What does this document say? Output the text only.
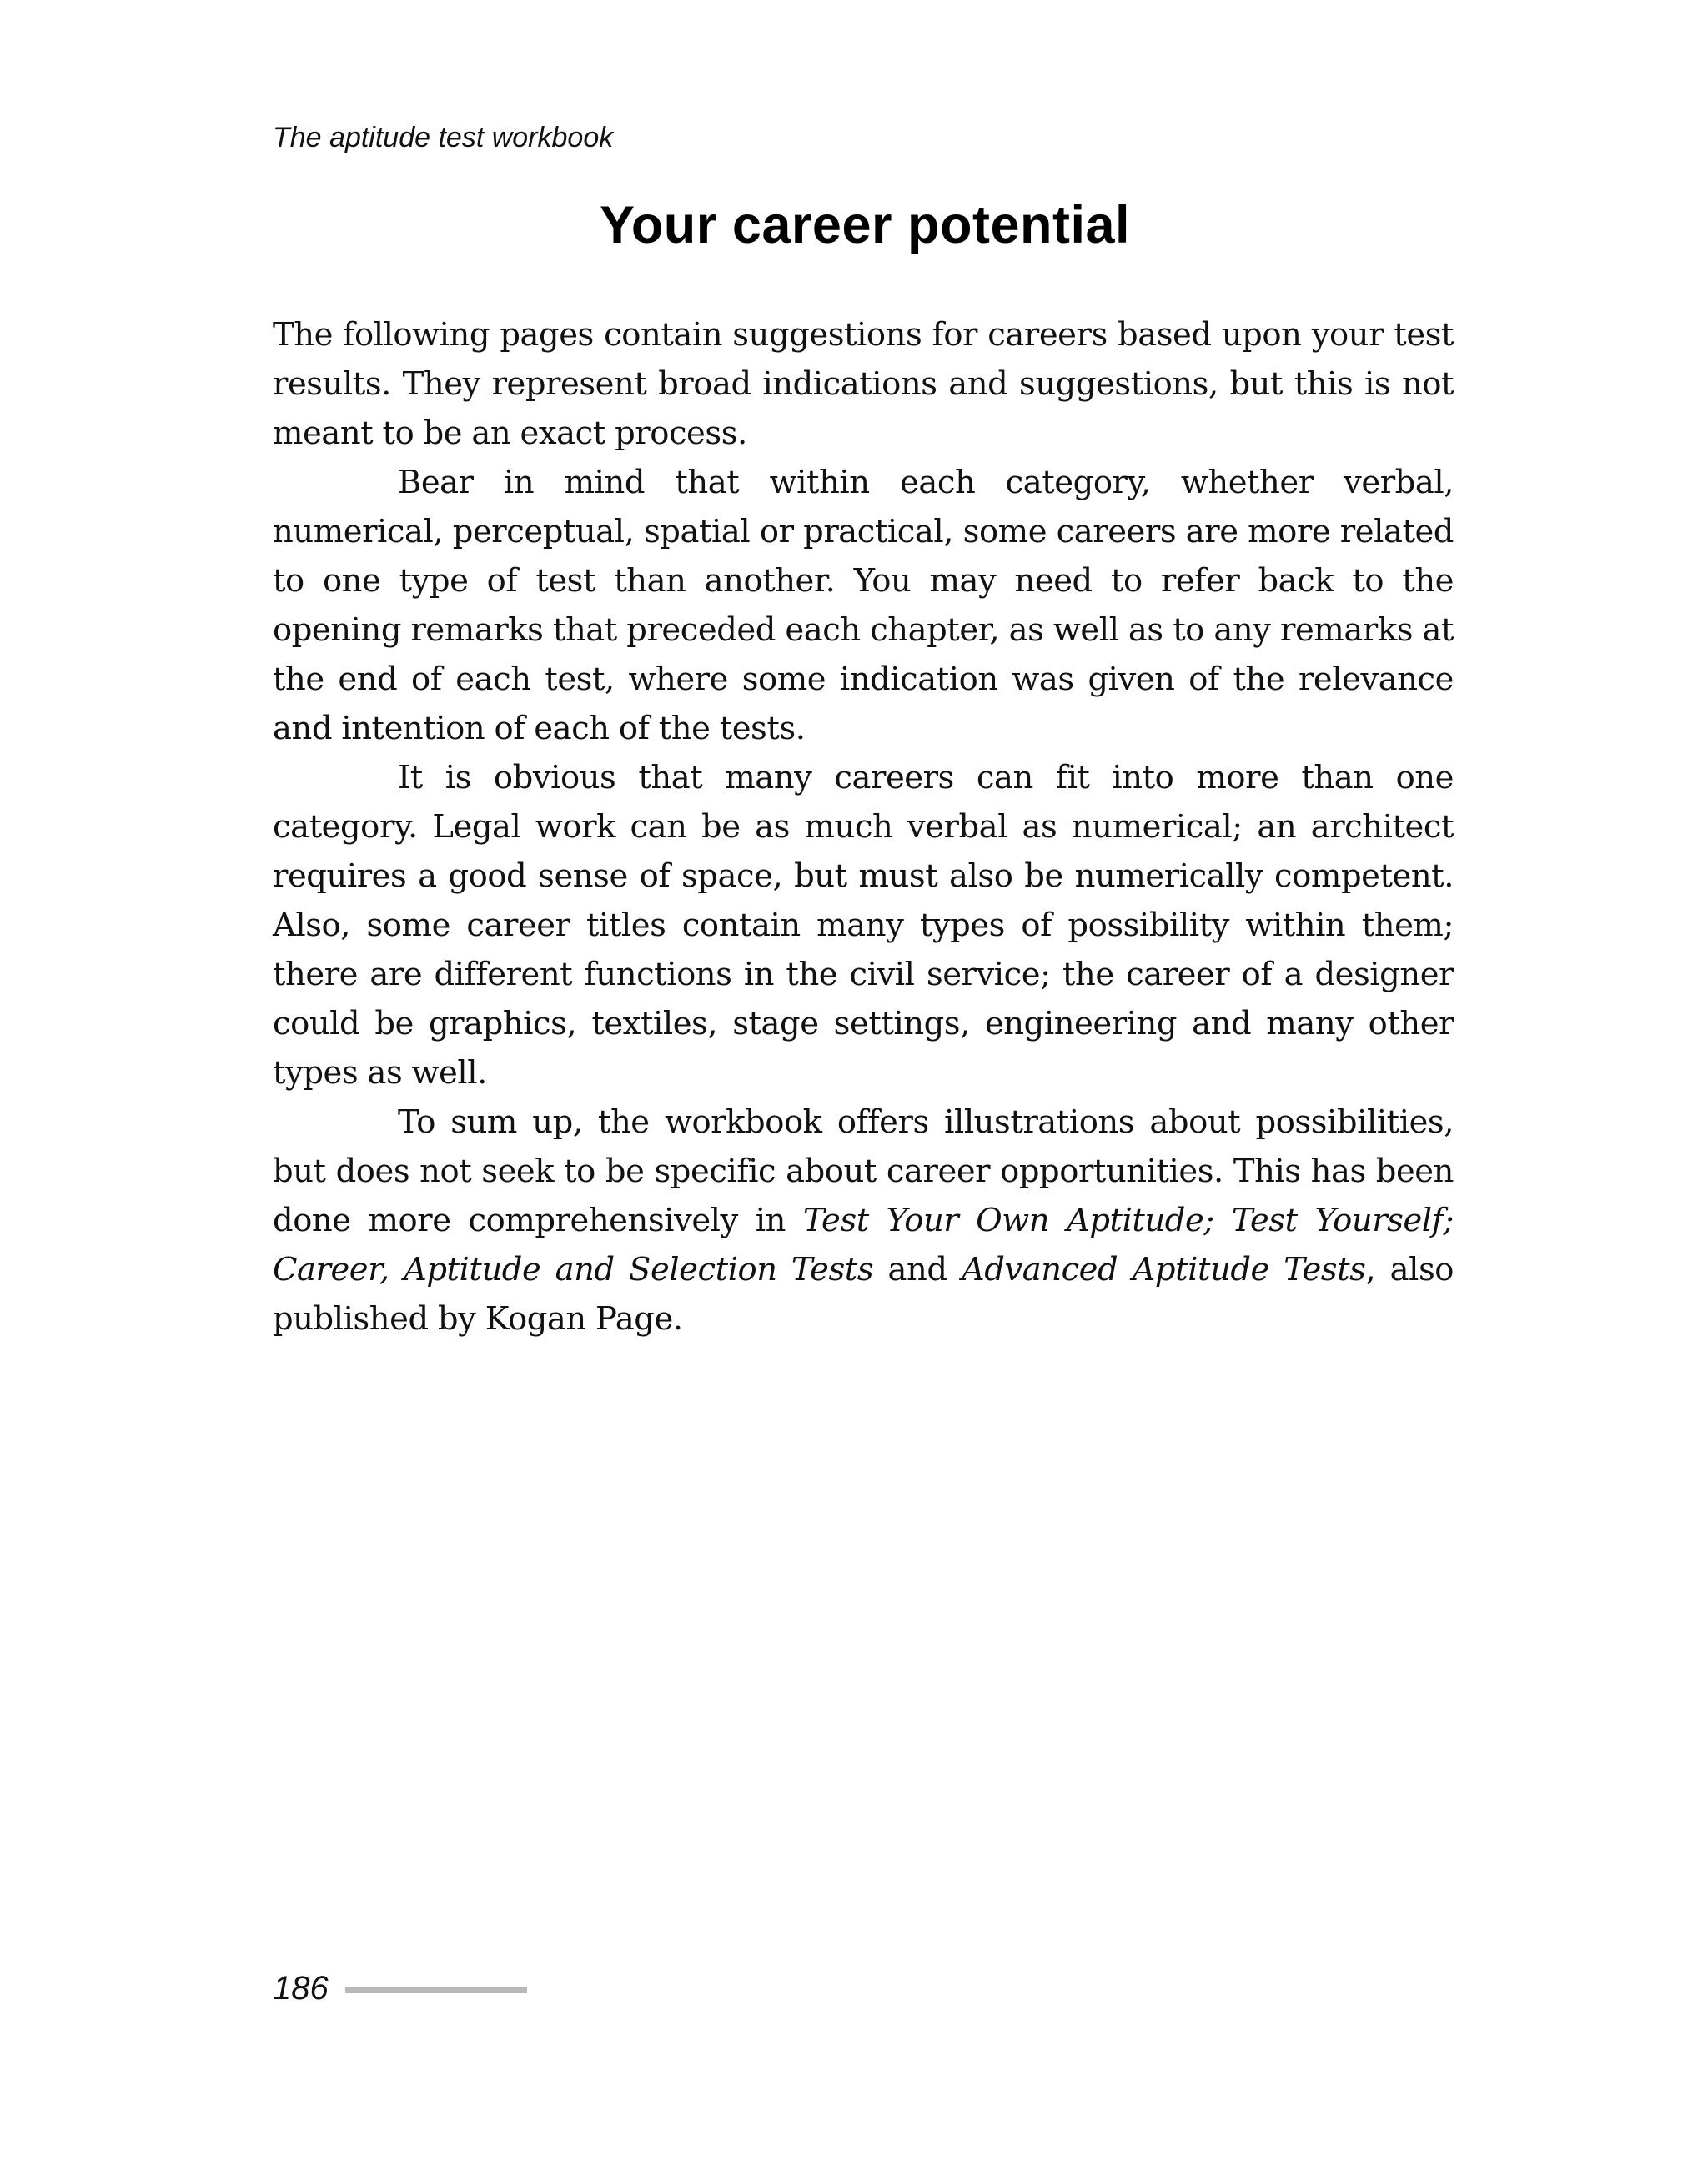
The aptitude test workbook
Your career potential

The following pages contain suggestions for careers based upon your test results. They represent broad indications and suggestions, but this is not meant to be an exact process.

Bear in mind that within each category, whether verbal, numerical, perceptual, spatial or practical, some careers are more related to one type of test than another. You may need to refer back to the opening remarks that preceded each chapter, as well as to any remarks at the end of each test, where some indication was given of the relevance and intention of each of the tests.

It is obvious that many careers can fit into more than one category. Legal work can be as much verbal as numerical; an architect requires a good sense of space, but must also be numerically competent. Also, some career titles contain many types of possibility within them; there are different functions in the civil service; the career of a designer could be graphics, textiles, stage settings, engineering and many other types as well.

To sum up, the workbook offers illustrations about possibilities, but does not seek to be specific about career opportunities. This has been done more comprehensively in Test Your Own Aptitude; Test Yourself; Career, Aptitude and Selection Tests and Advanced Aptitude Tests, also published by Kogan Page.

186
